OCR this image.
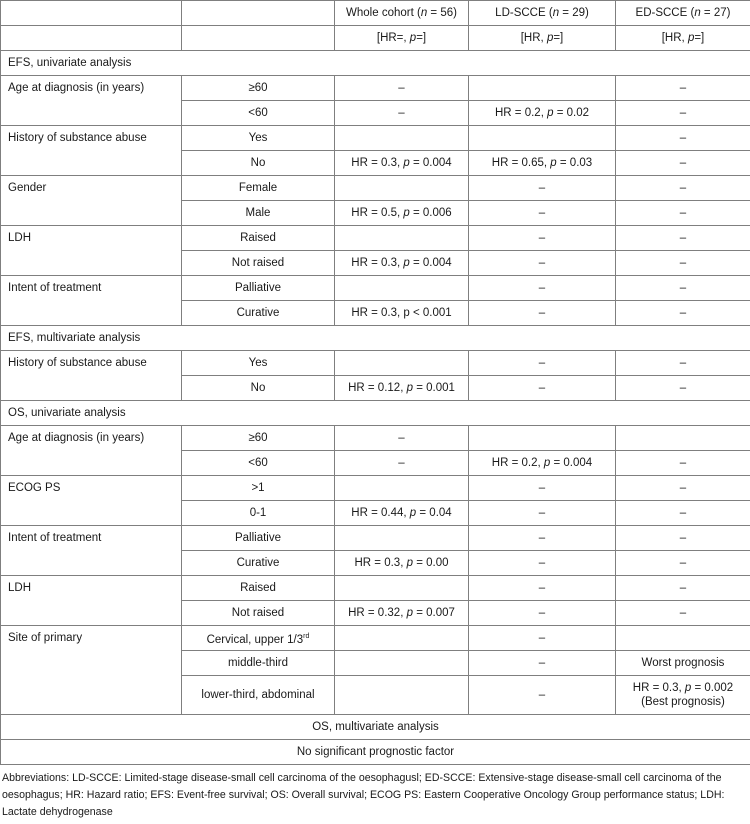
		Whole cohort (n = 56)	LD-SCCE (n = 29)	ED-SCCE (n = 27)
		[HR=, p=]	[HR, p=]	[HR, p=]
EFS, univariate analysis				
Age at diagnosis (in years)	≥60	–		–
	<60	–	HR = 0.2, p = 0.02	–
History of substance abuse	Yes			–
	No	HR = 0.3, p = 0.004	HR = 0.65, p = 0.03	–
Gender	Female		–	–
	Male	HR = 0.5, p = 0.006	–	–
LDH	Raised		–	–
	Not raised	HR = 0.3, p = 0.004	–	–
Intent of treatment	Palliative		–	–
	Curative	HR = 0.3, p < 0.001	–	–
EFS, multivariate analysis				
History of substance abuse	Yes		–	–
	No	HR = 0.12, p = 0.001	–	–
OS, univariate analysis				
Age at diagnosis (in years)	≥60	–		
	<60	–	HR = 0.2, p = 0.004	–
ECOG PS	>1		–	–
	0-1	HR = 0.44, p = 0.04	–	–
Intent of treatment	Palliative		–	–
	Curative	HR = 0.3, p = 0.00	–	–
LDH	Raised		–	–
	Not raised	HR = 0.32, p = 0.007	–	–
Site of primary	Cervical, upper 1/3rd		–	
	middle-third		–	Worst prognosis
	lower-third, abdominal		–	HR = 0.3, p = 0.002 (Best prognosis)
OS, multivariate analysis				
No significant prognostic factor				
Abbreviations: LD-SCCE: Limited-stage disease-small cell carcinoma of the oesophagusl; ED-SCCE: Extensive-stage disease-small cell carcinoma of the oesophagus; HR: Hazard ratio; EFS: Event-free survival; OS: Overall survival; ECOG PS: Eastern Cooperative Oncology Group performance status; LDH: Lactate dehydrogenase
